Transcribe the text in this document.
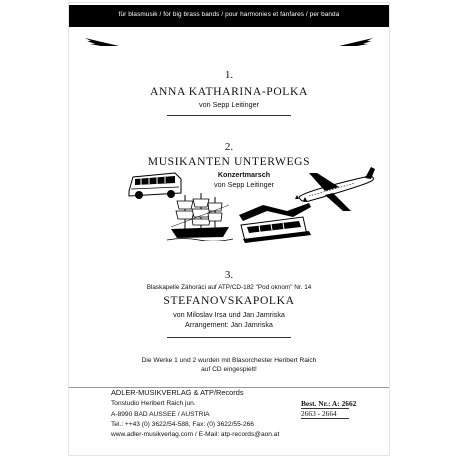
für blasmusik / for big brass bands / pour harmonies et fanfares / per banda
1.
ANNA KATHARINA-POLKA
von Sepp Leitinger
2.
MUSIKANTEN UNTERWEGS
Konzertmarsch
von Sepp Leitinger
3.
Blaskapelle Záhoráci auf ATP/CD-182 "Pod oknom" Nr. 14
STEFANOVSKAPOLKA
von Miloslav Irsa und Jan Jamriska
Arrangement: Jan Jamriska
Die Werke 1 und 2 wurden mit Blasorchester Heribert Raich
auf CD eingespielt!
ADLER-MUSIKVERLAG & ATP/Records
Tonstudio Heribert Raich jun.
A-8990 BAD AUSSEE / AUSTRIA
Tel.: ++43 (0) 3622/54-588, Fax: (0) 3622/55-266
www.adler-musikverlag.com / E-Mail: atp-records@aon.at
Best. Nr.: A: 2662
2663 - 2664
